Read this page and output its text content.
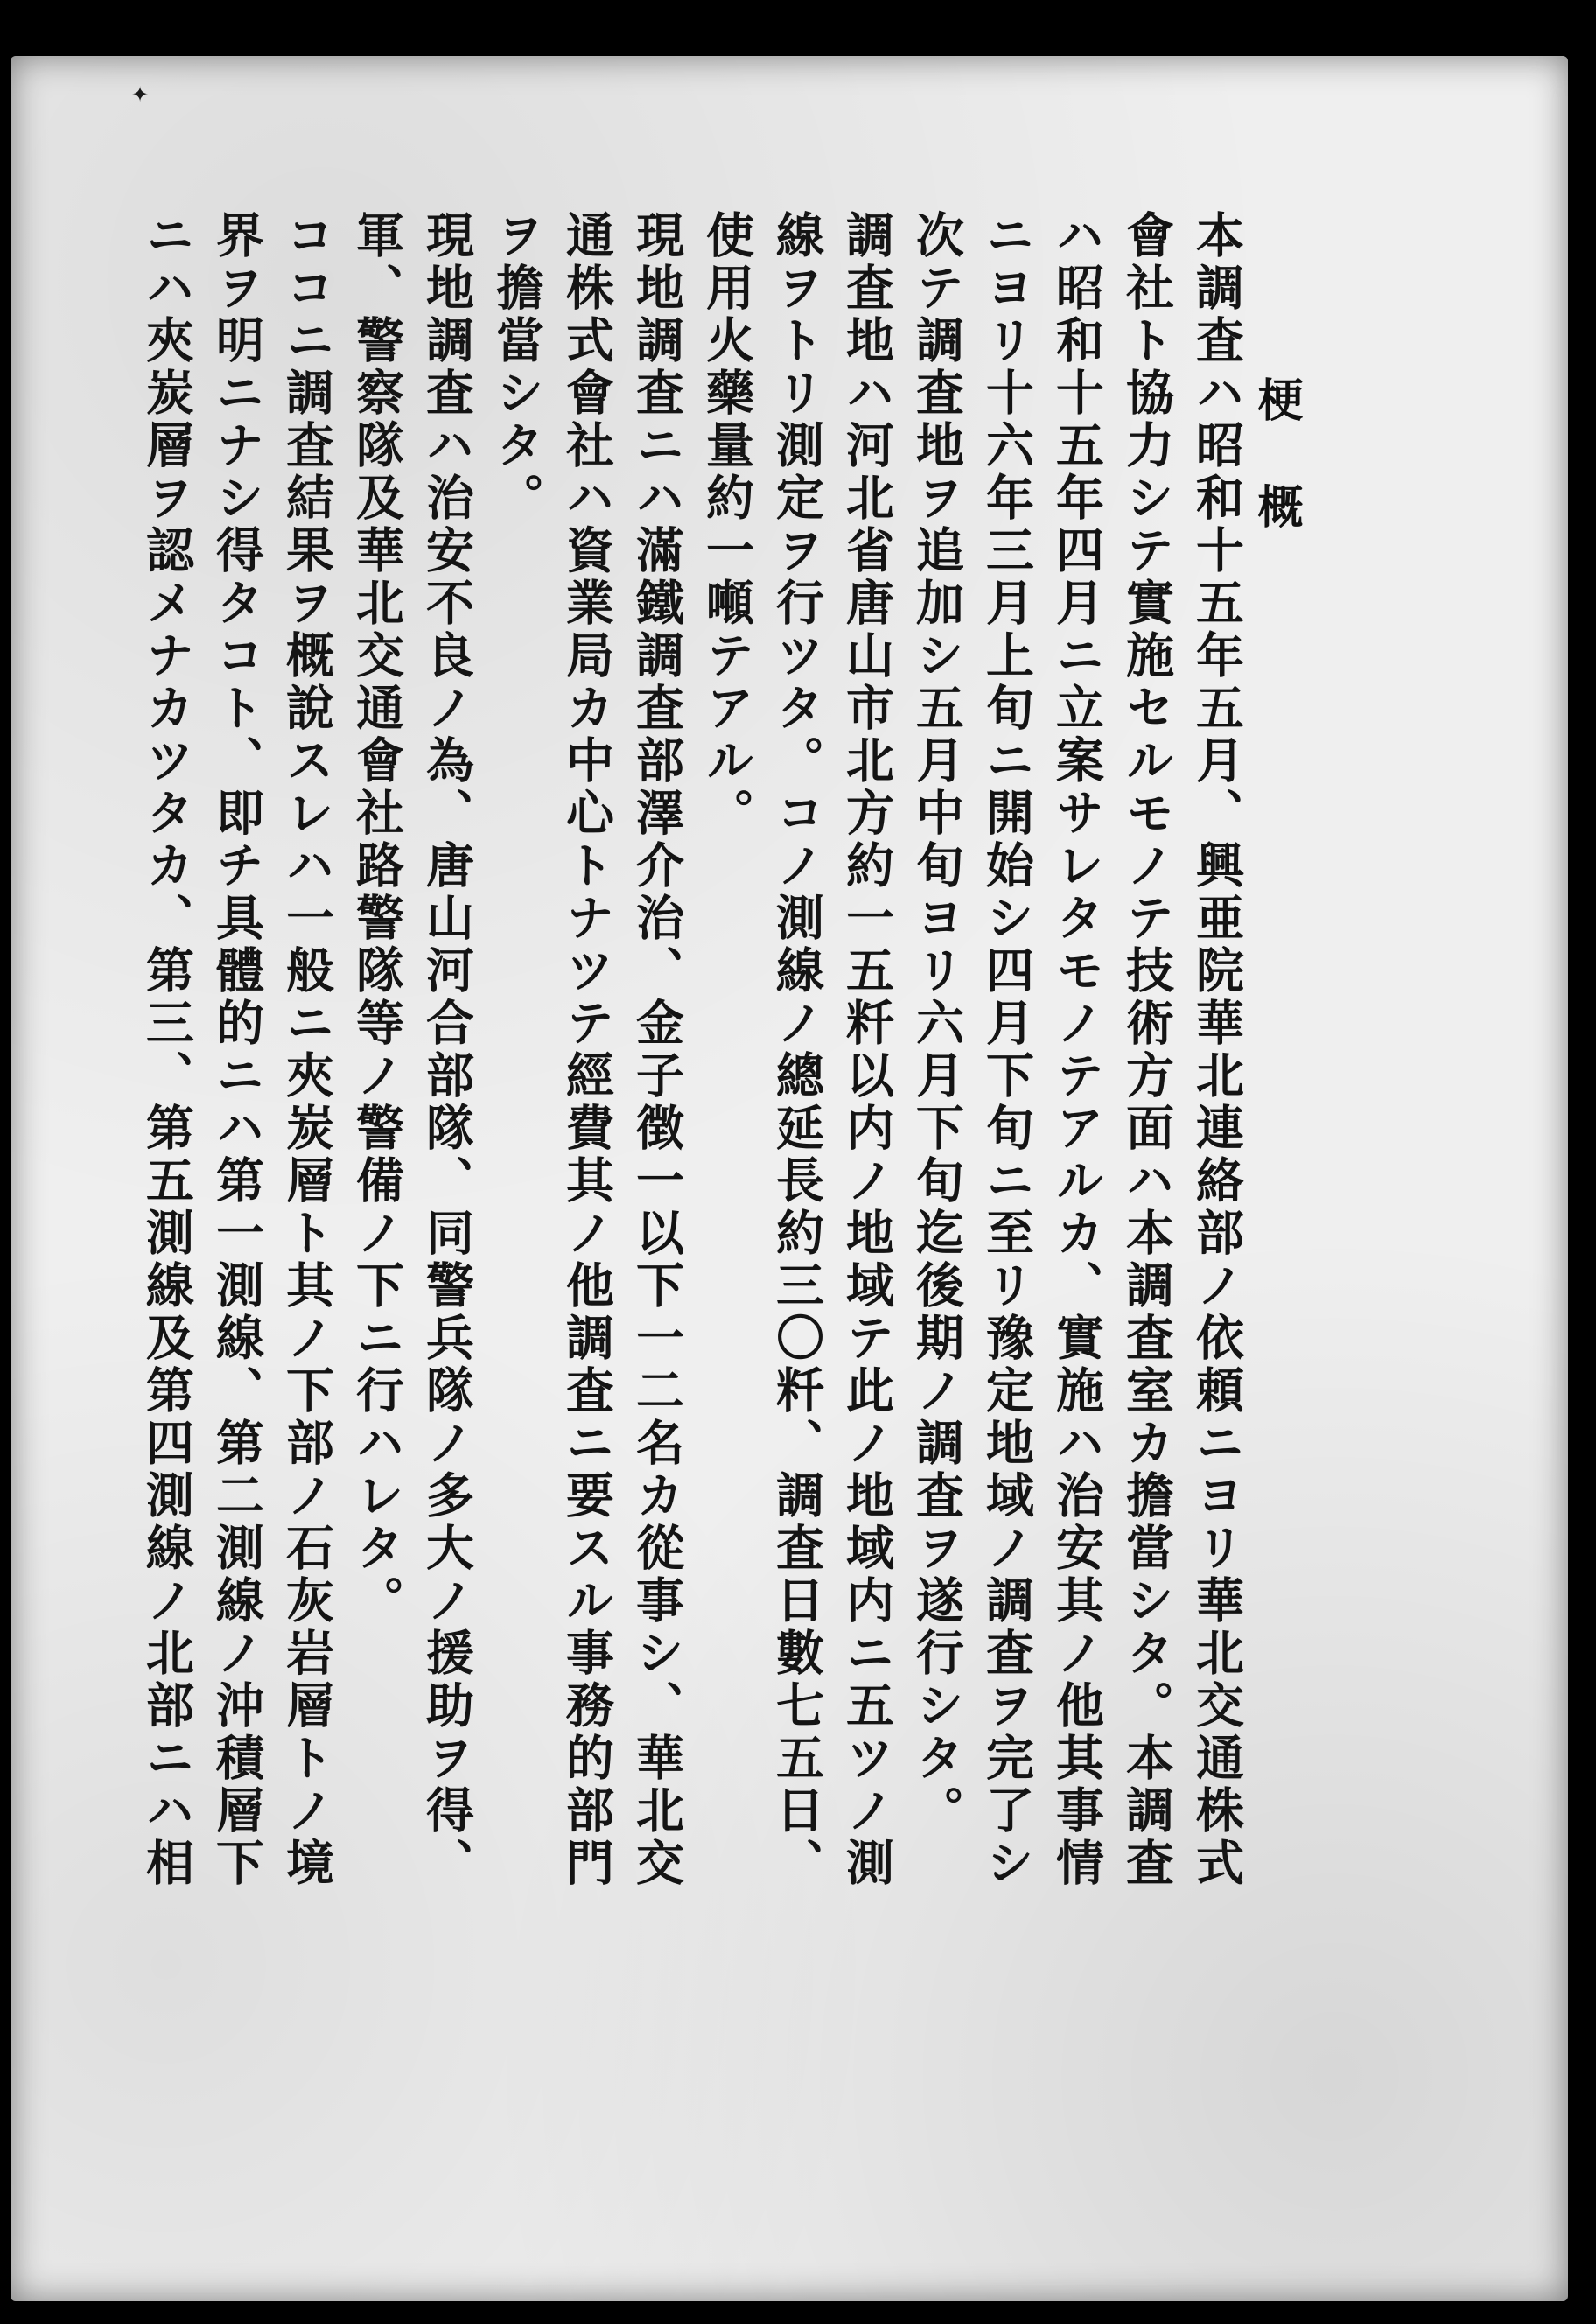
✦
梗概
本調査ハ昭和十五年五月、興亜院華北連絡部ノ依頼ニヨリ華北交通株式
會社ト協力シテ實施セルモノテ技術方面ハ本調査室カ擔當シタ。本調査
ハ昭和十五年四月ニ立案サレタモノテアルカ、實施ハ治安其ノ他其事情
ニヨリ十六年三月上旬ニ開始シ四月下旬ニ至リ豫定地域ノ調査ヲ完了シ
次テ調査地ヲ追加シ五月中旬ヨリ六月下旬迄後期ノ調査ヲ遂行シタ。
調査地ハ河北省唐山市北方約一五粁以内ノ地域テ此ノ地域内ニ五ツノ測
線ヲトリ測定ヲ行ツタ。コノ測線ノ總延長約三〇粁、調査日數七五日、
使用火藥量約一噸テアル。
現地調査ニハ滿鐵調査部澤介治、金子徴一以下一二名カ從事シ、華北交
通株式會社ハ資業局カ中心トナツテ經費其ノ他調査ニ要スル事務的部門
ヲ擔當シタ。
現地調査ハ治安不良ノ為、唐山河合部隊、同警兵隊ノ多大ノ援助ヲ得、
軍、警察隊及華北交通會社路警隊等ノ警備ノ下ニ行ハレタ。
ココニ調査結果ヲ概說スレハ一般ニ夾炭層ト其ノ下部ノ石灰岩層トノ境
界ヲ明ニナシ得タコト、即チ具體的ニハ第一測線、第二測線ノ沖積層下
ニハ夾炭層ヲ認メナカツタカ、第三、第五測線及第四測線ノ北部ニハ相
